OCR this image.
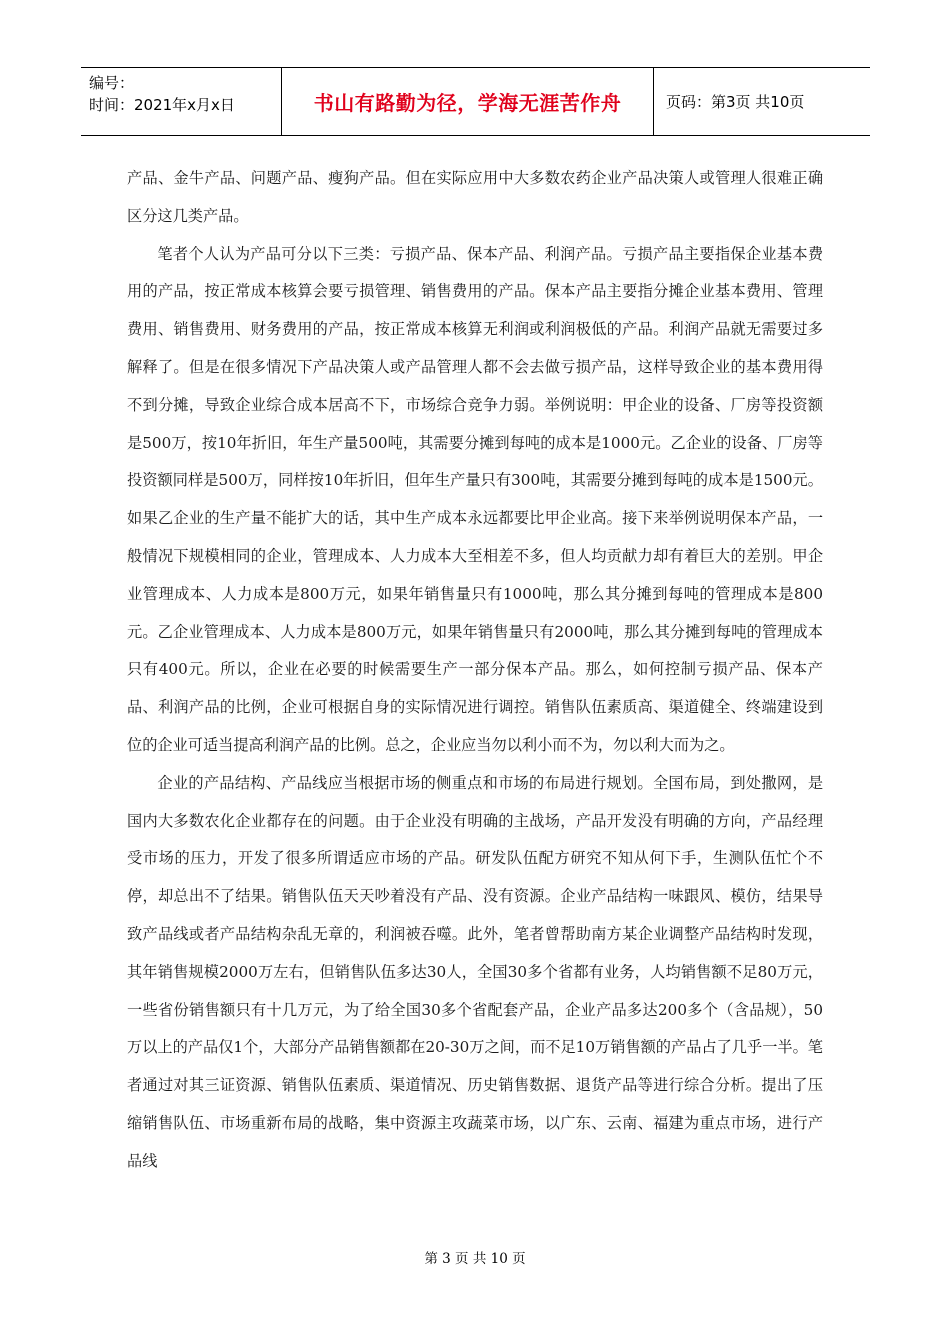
编号：
时间：2021年x月x日	书山有路勤为径，学海无涯苦作舟	页码：第3页 共10页

产品、金牛产品、问题产品、瘦狗产品。但在实际应用中大多数农药企业产品决策人或管理人很难正确区分这几类产品。

笔者个人认为产品可分以下三类：亏损产品、保本产品、利润产品。亏损产品主要指保企业基本费用的产品，按正常成本核算会要亏损管理、销售费用的产品。保本产品主要指分摊企业基本费用、管理费用、销售费用、财务费用的产品，按正常成本核算无利润或利润极低的产品。利润产品就无需要过多解释了。但是在很多情况下产品决策人或产品管理人都不会去做亏损产品，这样导致企业的基本费用得不到分摊，导致企业综合成本居高不下，市场综合竞争力弱。举例说明：甲企业的设备、厂房等投资额是500万，按10年折旧，年生产量500吨，其需要分摊到每吨的成本是1000元。乙企业的设备、厂房等投资额同样是500万，同样按10年折旧，但年生产量只有300吨，其需要分摊到每吨的成本是1500元。如果乙企业的生产量不能扩大的话，其中生产成本永远都要比甲企业高。接下来举例说明保本产品，一般情况下规模相同的企业，管理成本、人力成本大至相差不多，但人均贡献力却有着巨大的差别。甲企业管理成本、人力成本是800万元，如果年销售量只有1000吨，那么其分摊到每吨的管理成本是800元。乙企业管理成本、人力成本是800万元，如果年销售量只有2000吨，那么其分摊到每吨的管理成本只有400元。所以，企业在必要的时候需要生产一部分保本产品。那么，如何控制亏损产品、保本产品、利润产品的比例，企业可根据自身的实际情况进行调控。销售队伍素质高、渠道健全、终端建设到位的企业可适当提高利润产品的比例。总之，企业应当勿以利小而不为，勿以利大而为之。

企业的产品结构、产品线应当根据市场的侧重点和市场的布局进行规划。全国布局，到处撒网，是国内大多数农化企业都存在的问题。由于企业没有明确的主战场，产品开发没有明确的方向，产品经理受市场的压力，开发了很多所谓适应市场的产品。研发队伍配方研究不知从何下手，生测队伍忙个不停，却总出不了结果。销售队伍天天吵着没有产品、没有资源。企业产品结构一味跟风、模仿，结果导致产品线或者产品结构杂乱无章的，利润被吞噬。此外，笔者曾帮助南方某企业调整产品结构时发现，其年销售规模2000万左右，但销售队伍多达30人，全国30多个省都有业务，人均销售额不足80万元，一些省份销售额只有十几万元，为了给全国30多个省配套产品，企业产品多达200多个（含品规），50万以上的产品仅1个，大部分产品销售额都在20-30万之间，而不足10万销售额的产品占了几乎一半。笔者通过对其三证资源、销售队伍素质、渠道情况、历史销售数据、退货产品等进行综合分析。提出了压缩销售队伍、市场重新布局的战略，集中资源主攻蔬菜市场，以广东、云南、福建为重点市场，进行产品线

第 3 页 共 10 页
